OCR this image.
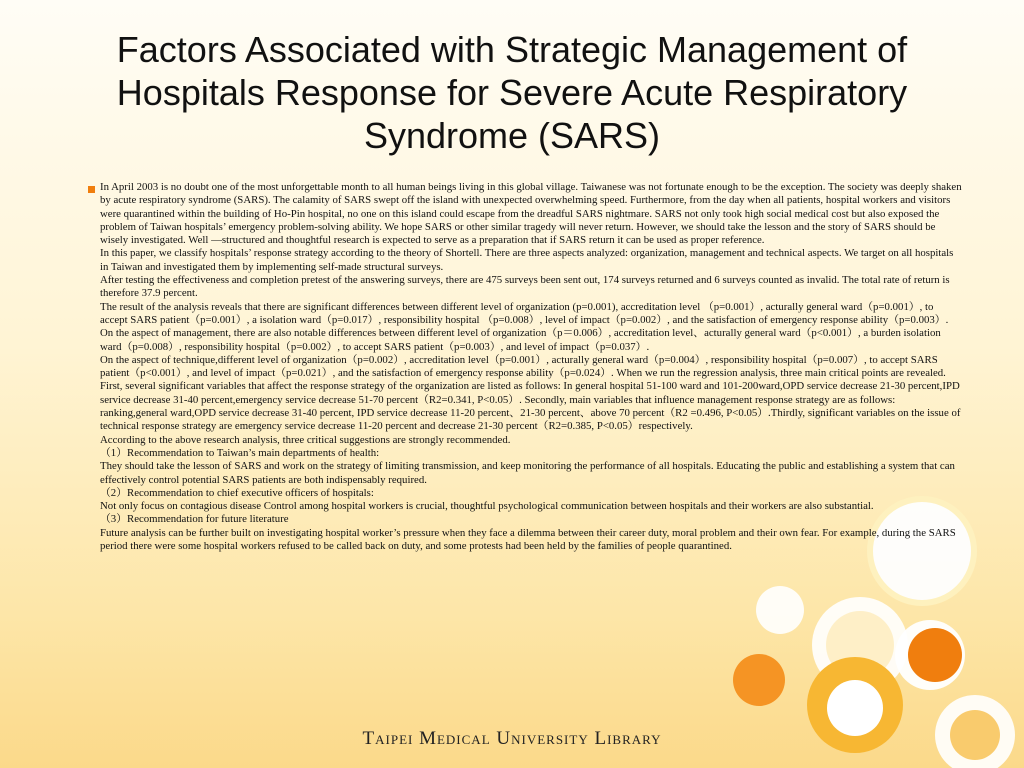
Factors Associated with Strategic Management of Hospitals Response for Severe Acute Respiratory Syndrome (SARS)

In April 2003 is no doubt one of the most unforgettable month to all human beings living in this global village. Taiwanese was not fortunate enough to be the exception. The society was deeply shaken by acute respiratory syndrome (SARS). The calamity of SARS swept off the island with unexpected overwhelming speed. Furthermore, from the day when all patients, hospital workers and visitors were quarantined within the building of Ho-Pin hospital, no one on this island could escape from the dreadful SARS nightmare. SARS not only took high social medical cost but also exposed the problem of Taiwan hospitals’ emergency problem-solving ability. We hope SARS or other similar tragedy will never return. However, we should take the lesson and the story of SARS should be wisely investigated. Well —structured and thoughtful research is expected to serve as a preparation that if SARS return it can be used as proper reference.

In this paper, we classify hospitals’ response strategy according to the theory of Shortell. There are three aspects analyzed: organization, management and technical aspects. We target on all hospitals in Taiwan and investigated them by implementing self-made structural surveys.

After testing the effectiveness and completion pretest of the answering surveys, there are 475 surveys been sent out, 174 surveys returned and 6 surveys counted as invalid. The total rate of return is therefore 37.9 percent.

The result of the analysis reveals that there are significant differences between different level of organization (p=0.001), accreditation level （p=0.001）, acturally general ward（p=0.001）, to accept SARS patient（p=0.001）, a isolation ward（p=0.017）, responsibility hospital （p=0.008）, level of impact（p=0.002）, and the satisfaction of emergency response ability（p=0.003）.

On the aspect of management, there are also notable differences between different level of organization（p＝0.006）, accreditation level、acturally general ward（p<0.001）, a burden isolation ward（p=0.008）, responsibility hospital（p=0.002）, to accept SARS patient（p=0.003）, and level of impact（p=0.037）.

On the aspect of technique,different level of organization（p=0.002）, accreditation level（p=0.001）, acturally general ward（p=0.004）, responsibility hospital（p=0.007）, to accept SARS patient（p<0.001）, and level of impact（p=0.021）, and the satisfaction of emergency response ability（p=0.024）. When we run the regression analysis, three main critical points are revealed. First, several significant variables that affect the response strategy of the organization are listed as follows: In general hospital 51-100 ward and 101-200ward,OPD service decrease 21-30 percent,IPD service decrease 31-40 percent,emergency service decrease 51-70 percent（R2=0.341, P<0.05）. Secondly, main variables that influence management response strategy are as follows: ranking,general ward,OPD service decrease 31-40 percent, IPD service decrease 11-20 percent、21-30 percent、above 70 percent（R2 =0.496, P<0.05）.Thirdly, significant variables on the issue of technical response strategy are emergency service decrease 11-20 percent and decrease 21-30 percent（R2=0.385, P<0.05）respectively.

According to the above research analysis, three critical suggestions are strongly recommended.

（1）Recommendation to Taiwan’s main departments of health:

They should take the lesson of SARS and work on the strategy of limiting transmission, and keep monitoring the performance of all hospitals. Educating the public and establishing a system that can effectively control potential SARS patients are both indispensably required.

（2）Recommendation to chief executive officers of hospitals:

Not only focus on contagious disease Control among hospital workers is crucial, thoughtful psychological communication between hospitals and their workers are also substantial.

（3）Recommendation for future literature

Future analysis can be further built on investigating hospital worker’s pressure when they face a dilemma between their career duty, moral problem and their own fear. For example, during the SARS period there were some hospital workers refused to be called back on duty, and some protests had been held by the families of people quarantined.

Taipei Medical University Library
